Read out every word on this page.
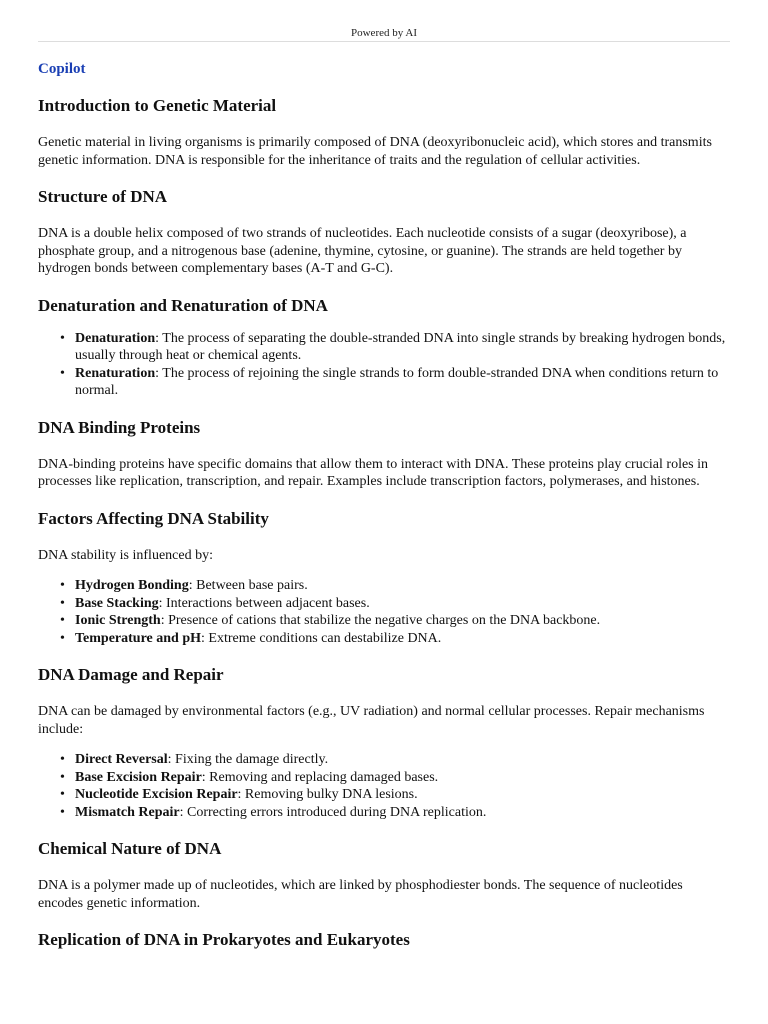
Powered by AI
Copilot
Introduction to Genetic Material

Genetic material in living organisms is primarily composed of DNA (deoxyribonucleic acid), which stores and transmits genetic information. DNA is responsible for the inheritance of traits and the regulation of cellular activities.

Structure of DNA

DNA is a double helix composed of two strands of nucleotides. Each nucleotide consists of a sugar (deoxyribose), a phosphate group, and a nitrogenous base (adenine, thymine, cytosine, or guanine). The strands are held together by hydrogen bonds between complementary bases (A-T and G-C).

Denaturation and Renaturation of DNA
• Denaturation: The process of separating the double-stranded DNA into single strands by breaking hydrogen bonds, usually through heat or chemical agents.
• Renaturation: The process of rejoining the single strands to form double-stranded DNA when conditions return to normal.
DNA Binding Proteins

DNA-binding proteins have specific domains that allow them to interact with DNA. These proteins play crucial roles in processes like replication, transcription, and repair. Examples include transcription factors, polymerases, and histones.

Factors Affecting DNA Stability

DNA stability is influenced by:

• Hydrogen Bonding: Between base pairs.
• Base Stacking: Interactions between adjacent bases.
• Ionic Strength: Presence of cations that stabilize the negative charges on the DNA backbone.
• Temperature and pH: Extreme conditions can destabilize DNA.
DNA Damage and Repair

DNA can be damaged by environmental factors (e.g., UV radiation) and normal cellular processes. Repair mechanisms include:

• Direct Reversal: Fixing the damage directly.
• Base Excision Repair: Removing and replacing damaged bases.
• Nucleotide Excision Repair: Removing bulky DNA lesions.
• Mismatch Repair: Correcting errors introduced during DNA replication.
Chemical Nature of DNA

DNA is a polymer made up of nucleotides, which are linked by phosphodiester bonds. The sequence of nucleotides encodes genetic information.

Replication of DNA in Prokaryotes and Eukaryotes
